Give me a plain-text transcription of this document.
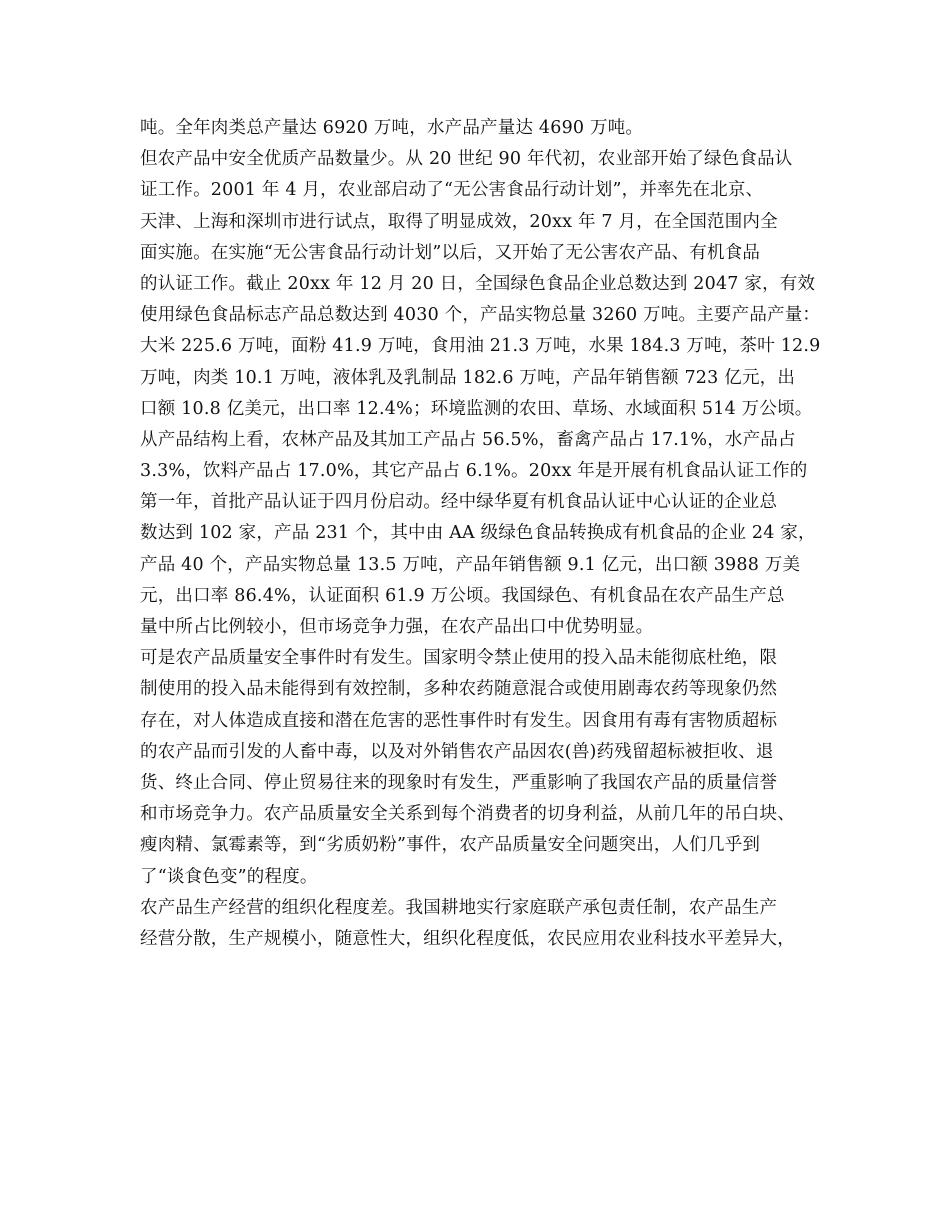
吨。全年肉类总产量达 6920 万吨，水产品产量达 4690 万吨。
但农产品中安全优质产品数量少。从 20 世纪 90 年代初，农业部开始了绿色食品认
证工作。2001 年 4 月，农业部启动了“无公害食品行动计划”，并率先在北京、
天津、上海和深圳市进行试点，取得了明显成效，20xx 年 7 月，在全国范围内全
面实施。在实施“无公害食品行动计划”以后，又开始了无公害农产品、有机食品
的认证工作。截止 20xx 年 12 月 20 日，全国绿色食品企业总数达到 2047 家，有效
使用绿色食品标志产品总数达到 4030 个，产品实物总量 3260 万吨。主要产品产量：
大米 225.6 万吨，面粉 41.9 万吨，食用油 21.3 万吨，水果 184.3 万吨，茶叶 12.9
万吨，肉类 10.1 万吨，液体乳及乳制品 182.6 万吨，产品年销售额 723 亿元，出
口额 10.8 亿美元，出口率 12.4%；环境监测的农田、草场、水域面积 514 万公顷。
从产品结构上看，农林产品及其加工产品占 56.5%，畜禽产品占 17.1%，水产品占
3.3%，饮料产品占 17.0%，其它产品占 6.1%。20xx 年是开展有机食品认证工作的
第一年，首批产品认证于四月份启动。经中绿华夏有机食品认证中心认证的企业总
数达到 102 家，产品 231 个，其中由 AA 级绿色食品转换成有机食品的企业 24 家，
产品 40 个，产品实物总量 13.5 万吨，产品年销售额 9.1 亿元，出口额 3988 万美
元，出口率 86.4%，认证面积 61.9 万公顷。我国绿色、有机食品在农产品生产总
量中所占比例较小，但市场竞争力强，在农产品出口中优势明显。
可是农产品质量安全事件时有发生。国家明令禁止使用的投入品未能彻底杜绝，限
制使用的投入品未能得到有效控制，多种农药随意混合或使用剧毒农药等现象仍然
存在，对人体造成直接和潜在危害的恶性事件时有发生。因食用有毒有害物质超标
的农产品而引发的人畜中毒，以及对外销售农产品因农(兽)药残留超标被拒收、退
货、终止合同、停止贸易往来的现象时有发生，严重影响了我国农产品的质量信誉
和市场竞争力。农产品质量安全关系到每个消费者的切身利益，从前几年的吊白块、
瘦肉精、氯霉素等，到“劣质奶粉”事件，农产品质量安全问题突出，人们几乎到
了“谈食色变”的程度。
农产品生产经营的组织化程度差。我国耕地实行家庭联产承包责任制，农产品生产
经营分散，生产规模小，随意性大，组织化程度低，农民应用农业科技水平差异大，
